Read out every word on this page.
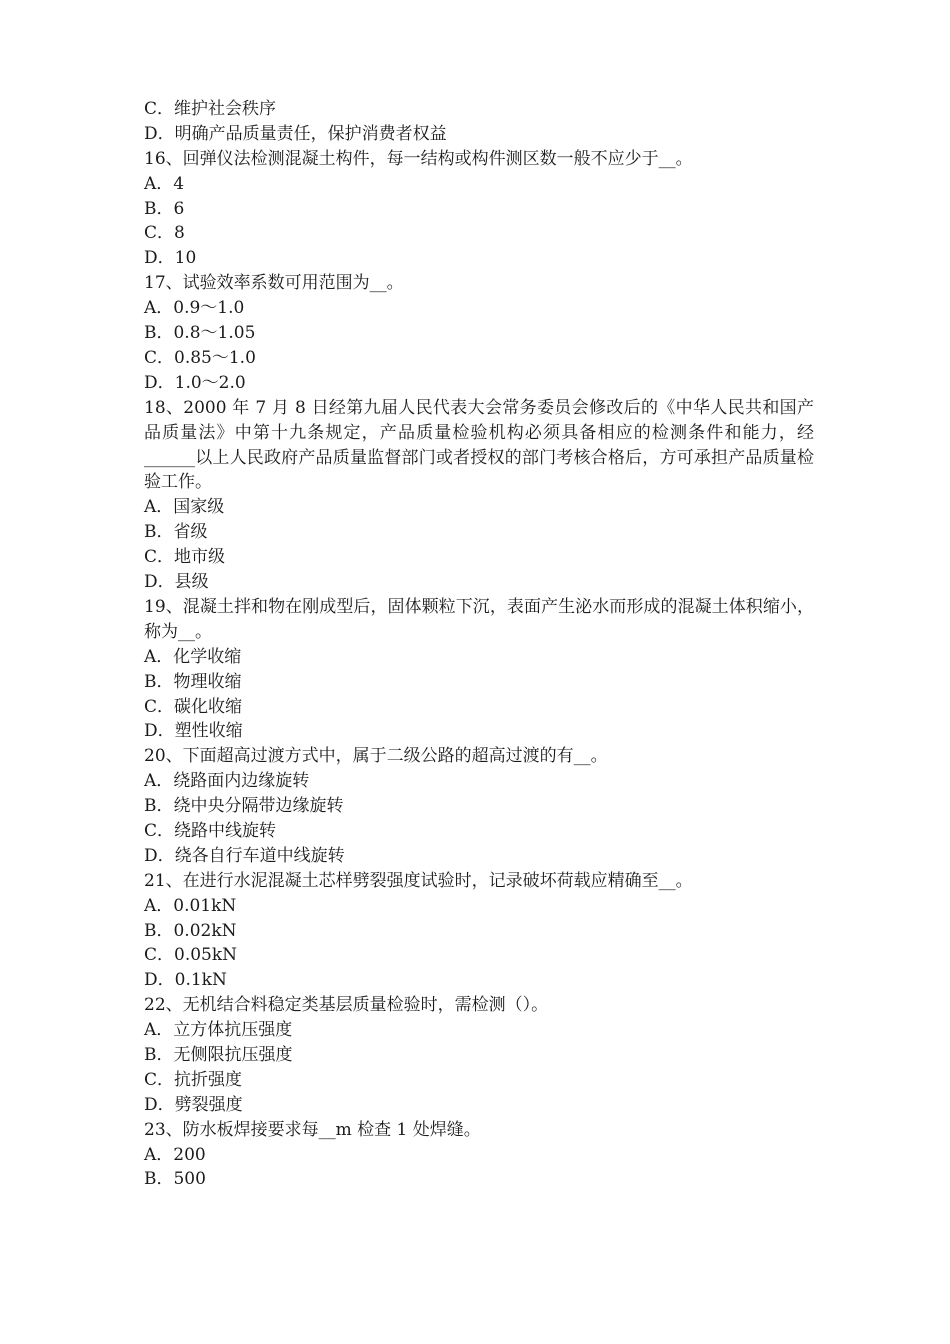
C．维护社会秩序
D．明确产品质量责任，保护消费者权益
16、回弹仪法检测混凝土构件，每一结构或构件测区数一般不应少于__。
A．4
B．6
C．8
D．10
17、试验效率系数可用范围为__。
A．0.9～1.0
B．0.8～1.05
C．0.85～1.0
D．1.0～2.0
18、2000 年 7 月 8 日经第九届人民代表大会常务委员会修改后的《中华人民共和国产品质量法》中第十九条规定，产品质量检验机构必须具备相应的检测条件和能力，经______以上人民政府产品质量监督部门或者授权的部门考核合格后，方可承担产品质量检验工作。
A．国家级
B．省级
C．地市级
D．县级
19、混凝土拌和物在刚成型后，固体颗粒下沉，表面产生泌水而形成的混凝土体积缩小，称为__。
A．化学收缩
B．物理收缩
C．碳化收缩
D．塑性收缩
20、下面超高过渡方式中，属于二级公路的超高过渡的有__。
A．绕路面内边缘旋转
B．绕中央分隔带边缘旋转
C．绕路中线旋转
D．绕各自行车道中线旋转
21、在进行水泥混凝土芯样劈裂强度试验时，记录破坏荷载应精确至__。
A．0.01kN
B．0.02kN
C．0.05kN
D．0.1kN
22、无机结合料稳定类基层质量检验时，需检测（）。
A．立方体抗压强度
B．无侧限抗压强度
C．抗折强度
D．劈裂强度
23、防水板焊接要求每__m 检查 1 处焊缝。
A．200
B．500
